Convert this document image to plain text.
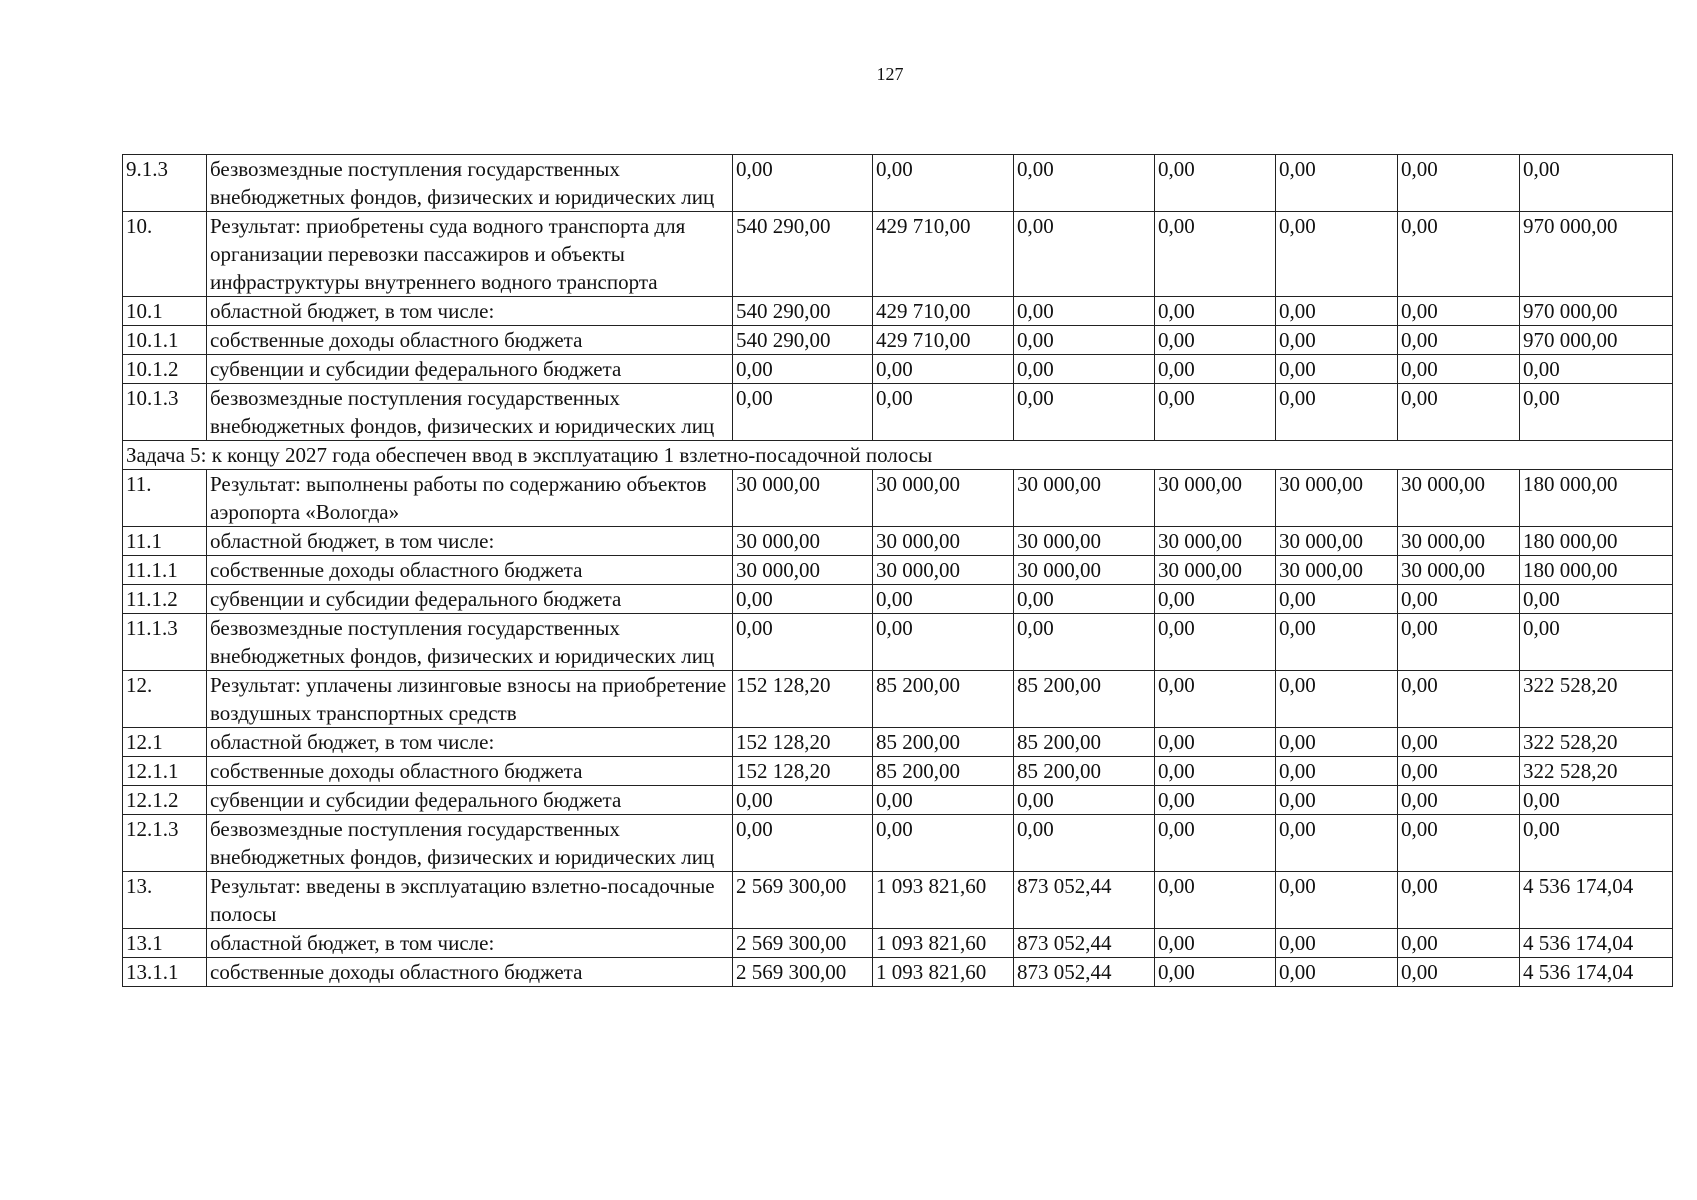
127
9.1.3	безвозмездные поступления государственных внебюджетных фондов, физических и юридических лиц	0,00	0,00	0,00	0,00	0,00	0,00	0,00
10.	Результат: приобретены суда водного транспорта для организации перевозки пассажиров и объекты инфраструктуры внутреннего водного транспорта	540 290,00	429 710,00	0,00	0,00	0,00	0,00	970 000,00
10.1	областной бюджет, в том числе:	540 290,00	429 710,00	0,00	0,00	0,00	0,00	970 000,00
10.1.1	собственные доходы областного бюджета	540 290,00	429 710,00	0,00	0,00	0,00	0,00	970 000,00
10.1.2	субвенции и субсидии федерального бюджета	0,00	0,00	0,00	0,00	0,00	0,00	0,00
10.1.3	безвозмездные поступления государственных внебюджетных фондов, физических и юридических лиц	0,00	0,00	0,00	0,00	0,00	0,00	0,00
Задача 5: к концу 2027 года обеспечен ввод в эксплуатацию 1 взлетно-посадочной полосы								
11.	Результат: выполнены работы по содержанию объектов аэропорта «Вологда»	30 000,00	30 000,00	30 000,00	30 000,00	30 000,00	30 000,00	180 000,00
11.1	областной бюджет, в том числе:	30 000,00	30 000,00	30 000,00	30 000,00	30 000,00	30 000,00	180 000,00
11.1.1	собственные доходы областного бюджета	30 000,00	30 000,00	30 000,00	30 000,00	30 000,00	30 000,00	180 000,00
11.1.2	субвенции и субсидии федерального бюджета	0,00	0,00	0,00	0,00	0,00	0,00	0,00
11.1.3	безвозмездные поступления государственных внебюджетных фондов, физических и юридических лиц	0,00	0,00	0,00	0,00	0,00	0,00	0,00
12.	Результат: уплачены лизинговые взносы на приобретение воздушных транспортных средств	152 128,20	85 200,00	85 200,00	0,00	0,00	0,00	322 528,20
12.1	областной бюджет, в том числе:	152 128,20	85 200,00	85 200,00	0,00	0,00	0,00	322 528,20
12.1.1	собственные доходы областного бюджета	152 128,20	85 200,00	85 200,00	0,00	0,00	0,00	322 528,20
12.1.2	субвенции и субсидии федерального бюджета	0,00	0,00	0,00	0,00	0,00	0,00	0,00
12.1.3	безвозмездные поступления государственных внебюджетных фондов, физических и юридических лиц	0,00	0,00	0,00	0,00	0,00	0,00	0,00
13.	Результат: введены в эксплуатацию взлетно-посадочные полосы	2 569 300,00	1 093 821,60	873 052,44	0,00	0,00	0,00	4 536 174,04
13.1	областной бюджет, в том числе:	2 569 300,00	1 093 821,60	873 052,44	0,00	0,00	0,00	4 536 174,04
13.1.1	собственные доходы областного бюджета	2 569 300,00	1 093 821,60	873 052,44	0,00	0,00	0,00	4 536 174,04
